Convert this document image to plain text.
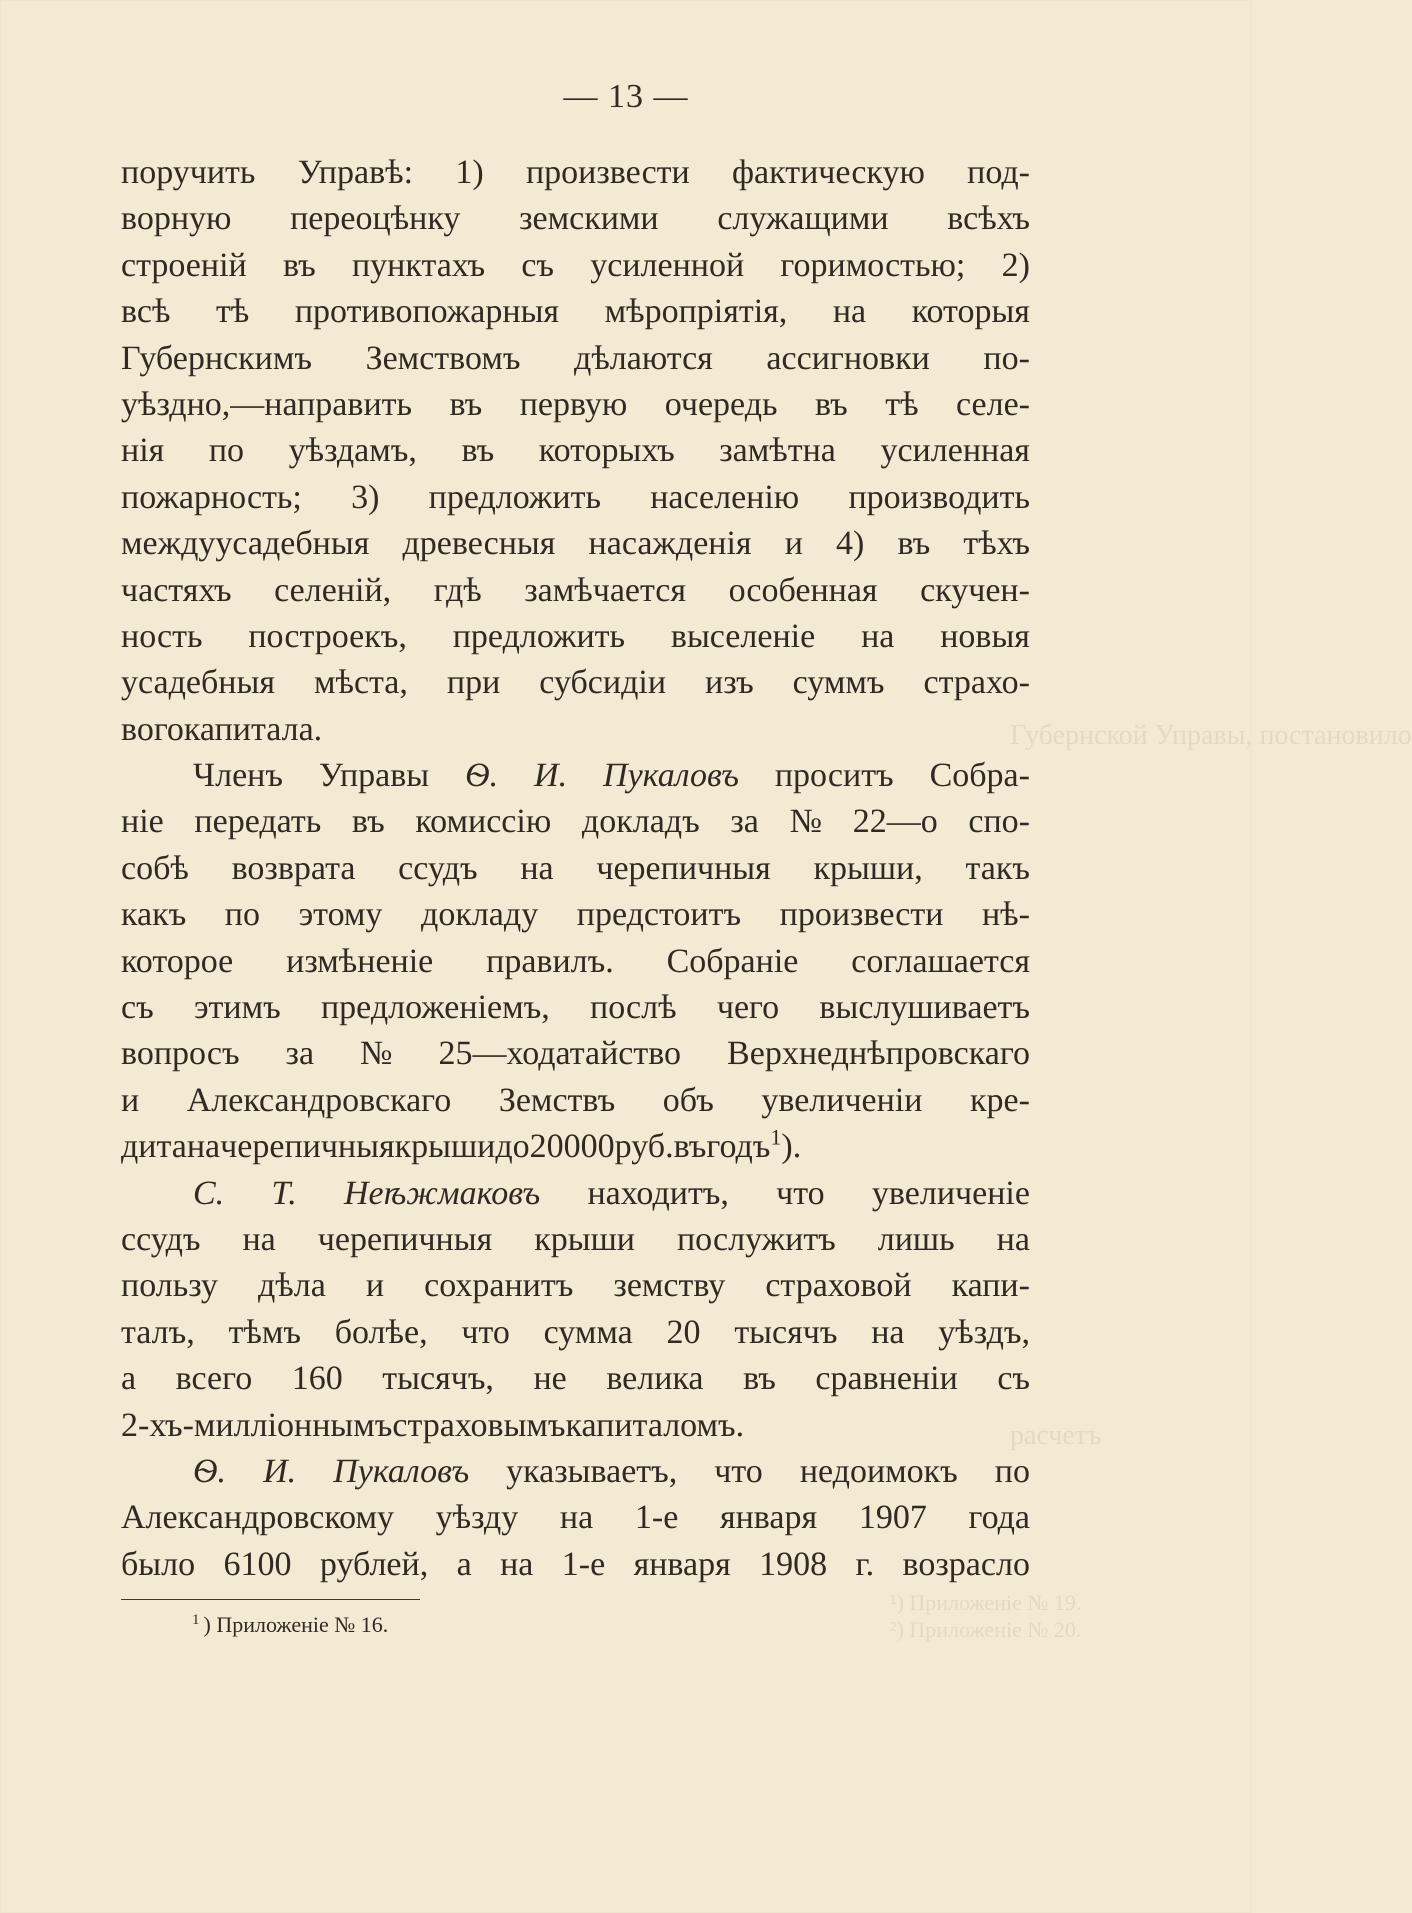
Губернской Управы, постановило
расчетъ
¹) Приложеніе № 19.
²) Приложеніе № 20.
— 13 —
поручить Управѣ: 1) произвести фактическую под-
ворную переоцѣнку земскими служащими всѣхъ
строеній въ пунктахъ съ усиленной горимостью; 2)
всѣ тѣ противопожарныя мѣропріятія, на которыя
Губернскимъ Земствомъ дѣлаются ассигновки по-
уѣздно,—направить въ первую очередь въ тѣ селе-
нія по уѣздамъ, въ которыхъ замѣтна усиленная
пожарность; 3) предложить населенію производить
междуусадебныя древесныя насажденія и 4) въ тѣхъ
частяхъ селеній, гдѣ замѣчается особенная скучен-
ность построекъ, предложить выселеніе на новыя
усадебныя мѣста, при субсидіи изъ суммъ страхо-
вого капитала.
Членъ Управы Ѳ. И. Пукаловъ проситъ Собра-
ніе передать въ комиссію докладъ за № 22—о спо-
собѣ возврата ссудъ на черепичныя крыши, такъ
какъ по этому докладу предстоитъ произвести нѣ-
которое измѣненіе правилъ. Собраніе соглашается
съ этимъ предложеніемъ, послѣ чего выслушиваетъ
вопросъ за № 25—ходатайство Верхнеднѣпровскаго
и Александровскаго Земствъ объ увеличеніи кре-
дита на черепичныя крыши до 20000 руб. въ годъ $^1$).
С. Т. Неѣжмаковъ находитъ, что увеличеніе
ссудъ на черепичныя крыши послужитъ лишь на
пользу дѣла и сохранитъ земству страховой капи-
талъ, тѣмъ болѣе, что сумма 20 тысячъ на уѣздъ,
а всего 160 тысячъ, не велика въ сравненіи съ
2-хъ-милліоннымъ страховымъ капиталомъ.
Ѳ. И. Пукаловъ указываетъ, что недоимокъ по
Александровскому уѣзду на 1-е января 1907 года
было 6100 рублей, а на 1-е января 1908 г. возрасло
$^1$ ) Приложеніе № 16.
